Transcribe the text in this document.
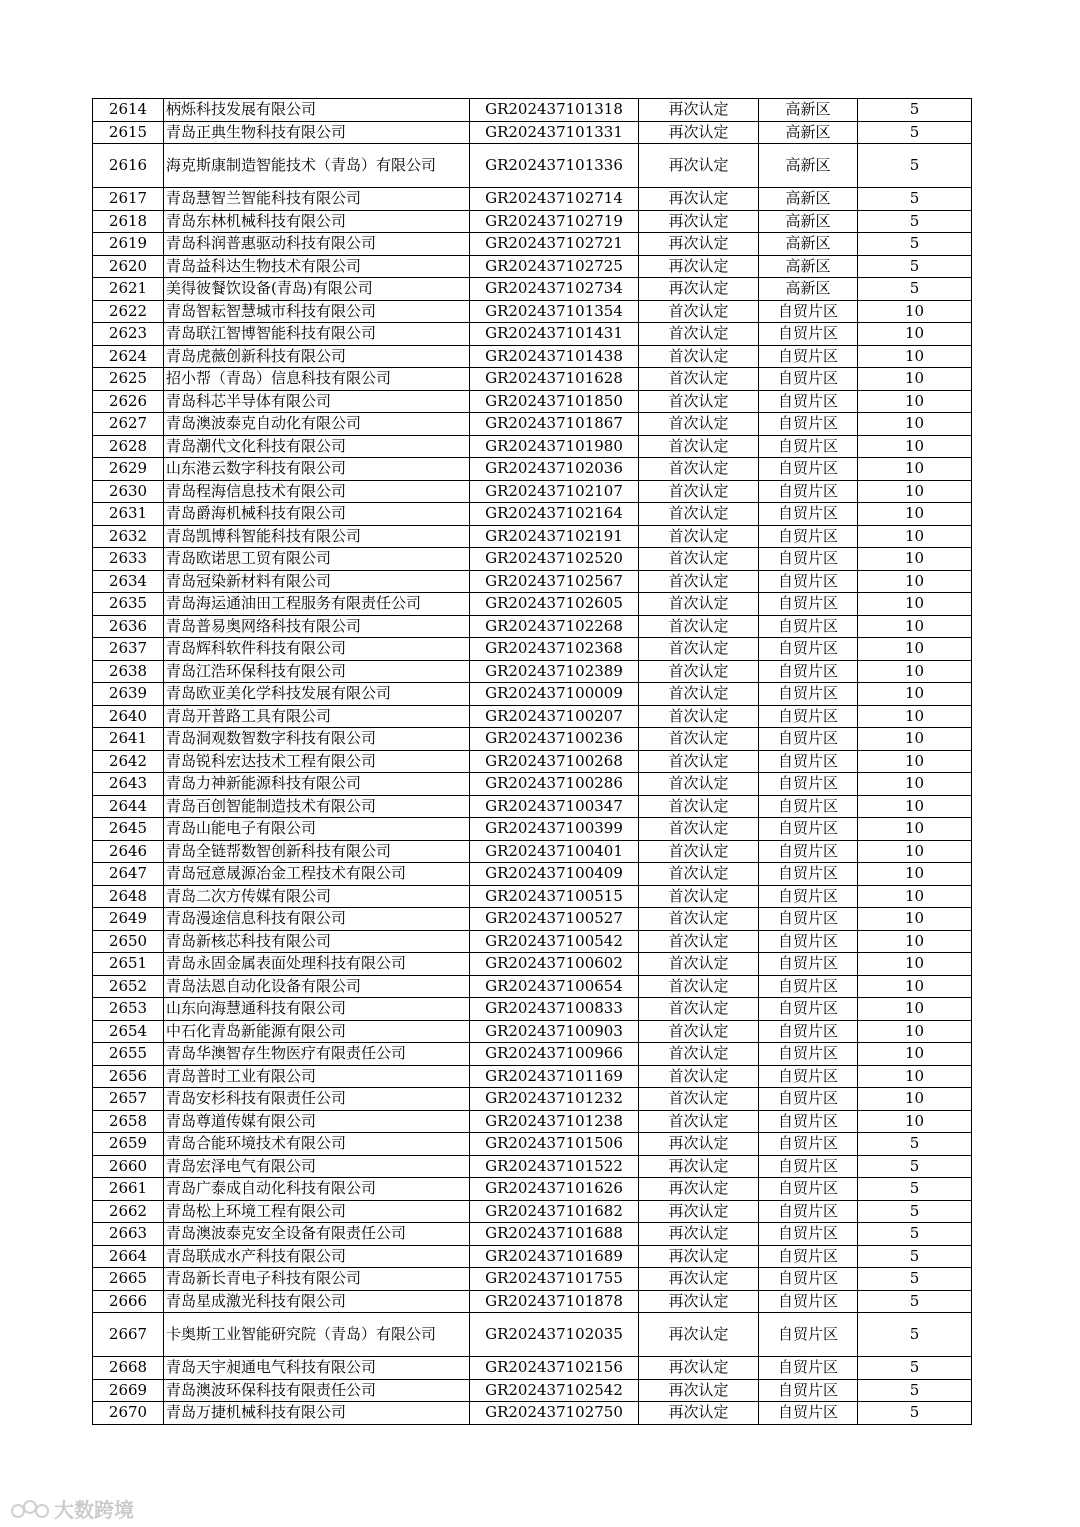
2614	柄烁科技发展有限公司	GR202437101318	再次认定	高新区	5
2615	青岛正典生物科技有限公司	GR202437101331	再次认定	高新区	5
2616	海克斯康制造智能技术（青岛）有限公司	GR202437101336	再次认定	高新区	5
2617	青岛慧智兰智能科技有限公司	GR202437102714	再次认定	高新区	5
2618	青岛东林机械科技有限公司	GR202437102719	再次认定	高新区	5
2619	青岛科润普惠驱动科技有限公司	GR202437102721	再次认定	高新区	5
2620	青岛益科达生物技术有限公司	GR202437102725	再次认定	高新区	5
2621	美得彼餐饮设备(青岛)有限公司	GR202437102734	再次认定	高新区	5
2622	青岛智耘智慧城市科技有限公司	GR202437101354	首次认定	自贸片区	10
2623	青岛联江智博智能科技有限公司	GR202437101431	首次认定	自贸片区	10
2624	青岛虎薇创新科技有限公司	GR202437101438	首次认定	自贸片区	10
2625	招小帮（青岛）信息科技有限公司	GR202437101628	首次认定	自贸片区	10
2626	青岛科芯半导体有限公司	GR202437101850	首次认定	自贸片区	10
2627	青岛澳波泰克自动化有限公司	GR202437101867	首次认定	自贸片区	10
2628	青岛潮代文化科技有限公司	GR202437101980	首次认定	自贸片区	10
2629	山东港云数字科技有限公司	GR202437102036	首次认定	自贸片区	10
2630	青岛程海信息技术有限公司	GR202437102107	首次认定	自贸片区	10
2631	青岛爵海机械科技有限公司	GR202437102164	首次认定	自贸片区	10
2632	青岛凯博科智能科技有限公司	GR202437102191	首次认定	自贸片区	10
2633	青岛欧诺思工贸有限公司	GR202437102520	首次认定	自贸片区	10
2634	青岛冠染新材料有限公司	GR202437102567	首次认定	自贸片区	10
2635	青岛海运通油田工程服务有限责任公司	GR202437102605	首次认定	自贸片区	10
2636	青岛普易奥网络科技有限公司	GR202437102268	首次认定	自贸片区	10
2637	青岛辉科软件科技有限公司	GR202437102368	首次认定	自贸片区	10
2638	青岛江浩环保科技有限公司	GR202437102389	首次认定	自贸片区	10
2639	青岛欧亚美化学科技发展有限公司	GR202437100009	首次认定	自贸片区	10
2640	青岛开普路工具有限公司	GR202437100207	首次认定	自贸片区	10
2641	青岛洞观数智数字科技有限公司	GR202437100236	首次认定	自贸片区	10
2642	青岛锐科宏达技术工程有限公司	GR202437100268	首次认定	自贸片区	10
2643	青岛力神新能源科技有限公司	GR202437100286	首次认定	自贸片区	10
2644	青岛百创智能制造技术有限公司	GR202437100347	首次认定	自贸片区	10
2645	青岛山能电子有限公司	GR202437100399	首次认定	自贸片区	10
2646	青岛全链帮数智创新科技有限公司	GR202437100401	首次认定	自贸片区	10
2647	青岛冠意晟源冶金工程技术有限公司	GR202437100409	首次认定	自贸片区	10
2648	青岛二次方传媒有限公司	GR202437100515	首次认定	自贸片区	10
2649	青岛漫途信息科技有限公司	GR202437100527	首次认定	自贸片区	10
2650	青岛新核芯科技有限公司	GR202437100542	首次认定	自贸片区	10
2651	青岛永固金属表面处理科技有限公司	GR202437100602	首次认定	自贸片区	10
2652	青岛法恩自动化设备有限公司	GR202437100654	首次认定	自贸片区	10
2653	山东向海慧通科技有限公司	GR202437100833	首次认定	自贸片区	10
2654	中石化青岛新能源有限公司	GR202437100903	首次认定	自贸片区	10
2655	青岛华澳智存生物医疗有限责任公司	GR202437100966	首次认定	自贸片区	10
2656	青岛普时工业有限公司	GR202437101169	首次认定	自贸片区	10
2657	青岛安杉科技有限责任公司	GR202437101232	首次认定	自贸片区	10
2658	青岛尊道传媒有限公司	GR202437101238	首次认定	自贸片区	10
2659	青岛合能环境技术有限公司	GR202437101506	再次认定	自贸片区	5
2660	青岛宏泽电气有限公司	GR202437101522	再次认定	自贸片区	5
2661	青岛广泰成自动化科技有限公司	GR202437101626	再次认定	自贸片区	5
2662	青岛松上环境工程有限公司	GR202437101682	再次认定	自贸片区	5
2663	青岛澳波泰克安全设备有限责任公司	GR202437101688	再次认定	自贸片区	5
2664	青岛联成水产科技有限公司	GR202437101689	再次认定	自贸片区	5
2665	青岛新长青电子科技有限公司	GR202437101755	再次认定	自贸片区	5
2666	青岛星成激光科技有限公司	GR202437101878	再次认定	自贸片区	5
2667	卡奥斯工业智能研究院（青岛）有限公司	GR202437102035	再次认定	自贸片区	5
2668	青岛天宇昶通电气科技有限公司	GR202437102156	再次认定	自贸片区	5
2669	青岛澳波环保科技有限责任公司	GR202437102542	再次认定	自贸片区	5
2670	青岛万捷机械科技有限公司	GR202437102750	再次认定	自贸片区	5
大数跨境
